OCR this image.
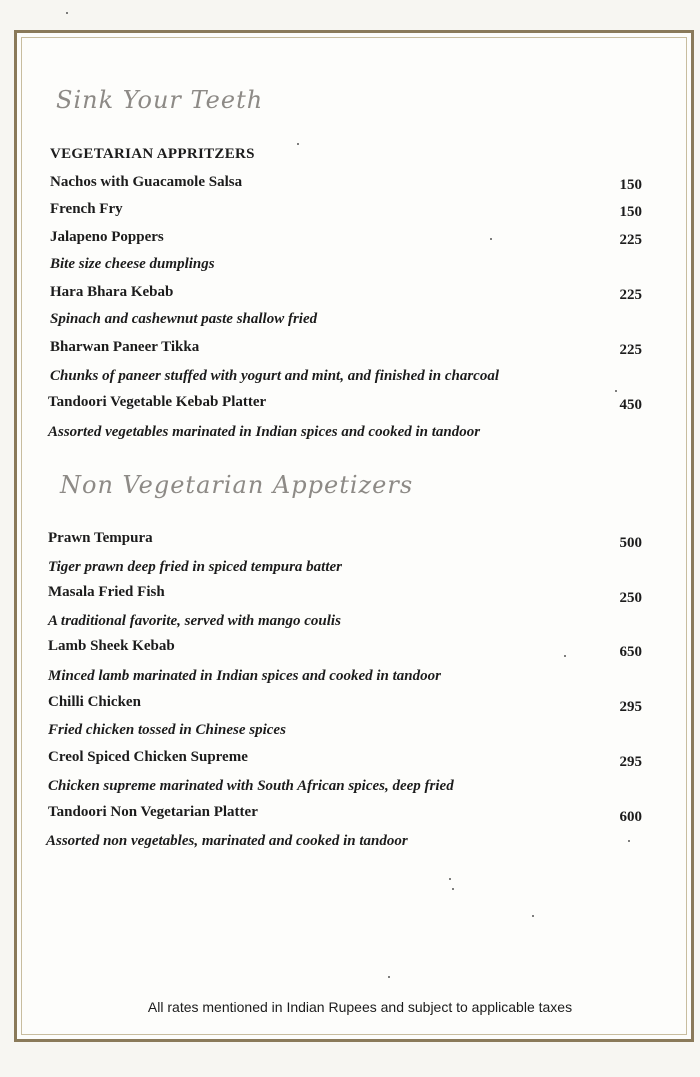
Sink Your Teeth
VEGETARIAN APPRITZERS
Nachos with Guacamole Salsa	150
French Fry	150
Jalapeno Poppers	225
Bite size cheese dumplings
Hara Bhara Kebab	225
Spinach and cashewnut paste shallow fried
Bharwan Paneer Tikka	225
Chunks of paneer stuffed with yogurt and mint, and finished in charcoal
Tandoori Vegetable Kebab Platter	450
Assorted vegetables marinated in Indian spices and cooked in tandoor
Non Vegetarian Appetizers
Prawn Tempura	500
Tiger prawn deep fried in spiced tempura batter
Masala Fried Fish	250
A traditional favorite, served with mango coulis
Lamb Sheek Kebab	650
Minced lamb marinated in Indian spices and cooked in tandoor
Chilli Chicken	295
Fried chicken tossed in Chinese spices
Creol Spiced Chicken Supreme	295
Chicken supreme marinated with South African spices, deep fried
Tandoori Non Vegetarian Platter	600
Assorted non vegetables, marinated and cooked in tandoor
All rates mentioned in Indian Rupees and subject to applicable taxes
